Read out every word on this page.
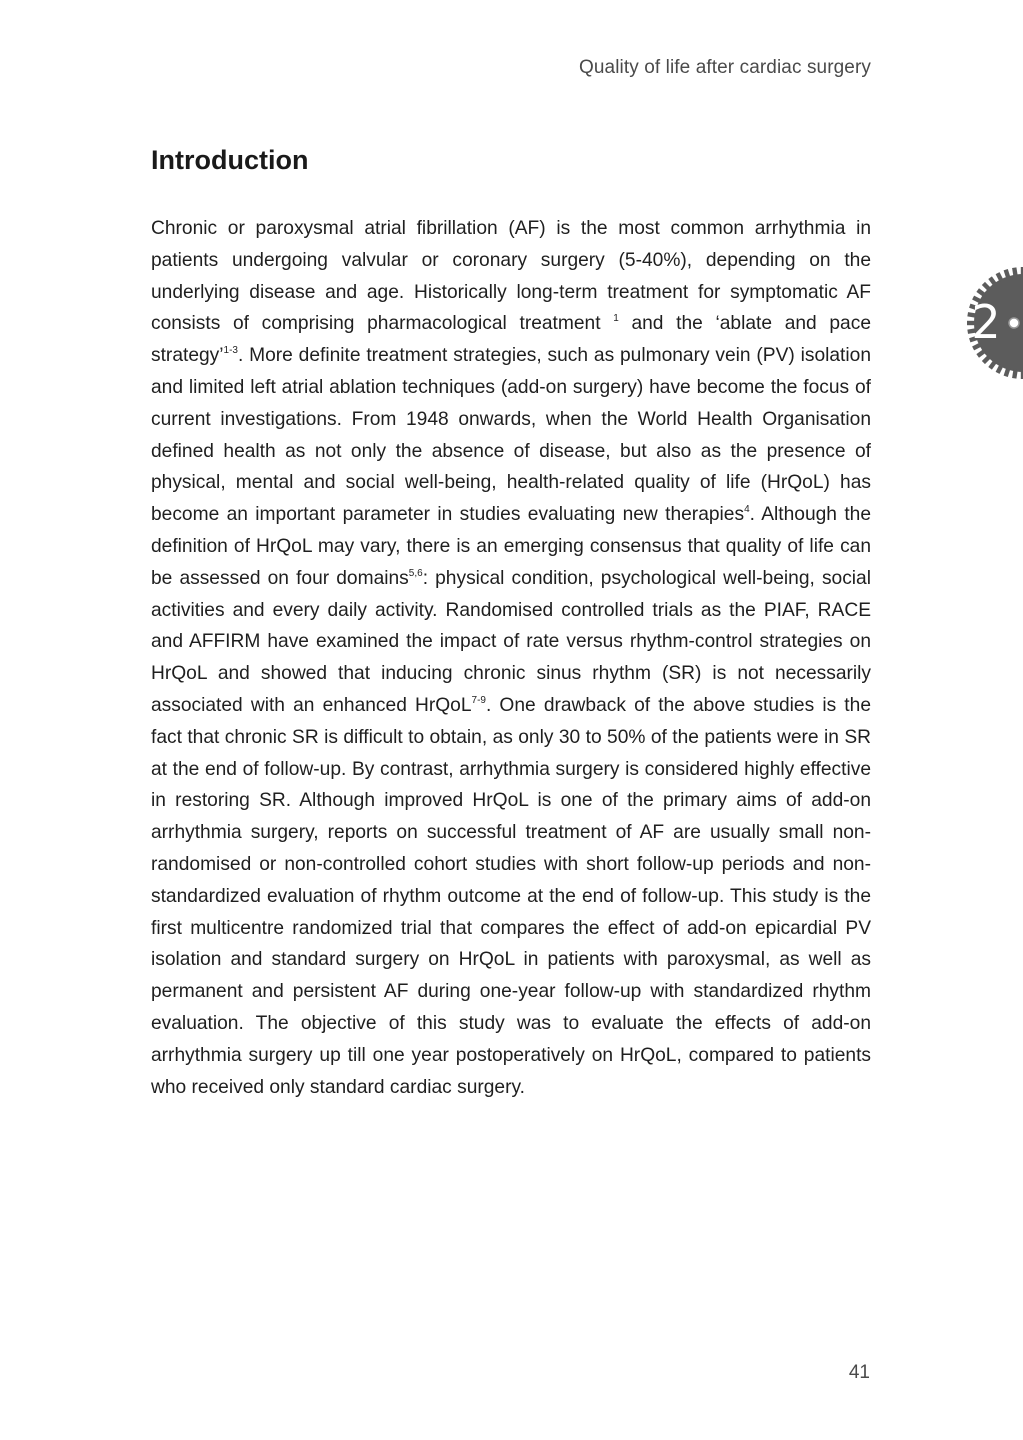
Quality of life after cardiac surgery
2
Introduction

Chronic or paroxysmal atrial fibrillation (AF) is the most common arrhythmia in patients undergoing valvular or coronary surgery (5-40%), depending on the underlying disease and age. Historically long-term treatment for symptomatic AF consists of comprising pharmacological treatment $^1$ and the ‘ablate and pace strategy’$^{1-3}$. More definite treatment strategies, such as pulmonary vein (PV) isolation and limited left atrial ablation techniques (add-on surgery) have become the focus of current investigations. From 1948 onwards, when the World Health Organisation defined health as not only the absence of disease, but also as the presence of physical, mental and social well-being, health-related quality of life (HrQoL) has become an important parameter in studies evaluating new therapies$^4$. Although the definition of HrQoL may vary, there is an emerging consensus that quality of life can be assessed on four domains$^{5,6}$: physical condition, psychological well-being, social activities and every daily activity. Randomised controlled trials as the PIAF, RACE and AFFIRM have examined the impact of rate versus rhythm-control strategies on HrQoL and showed that inducing chronic sinus rhythm (SR) is not necessarily associated with an enhanced HrQoL$^{7-9}$. One drawback of the above studies is the fact that chronic SR is difficult to obtain, as only 30 to 50% of the patients were in SR at the end of follow-up. By contrast, arrhythmia surgery is considered highly effective in restoring SR. Although improved HrQoL is one of the primary aims of add-on arrhythmia surgery, reports on successful treatment of AF are usually small non-randomised or non-controlled cohort studies with short follow-up periods and non-standardized evaluation of rhythm outcome at the end of follow-up. This study is the first multicentre randomized trial that compares the effect of add-on epicardial PV isolation and standard surgery on HrQoL in patients with paroxysmal, as well as permanent and persistent AF during one-year follow-up with standardized rhythm evaluation. The objective of this study was to evaluate the effects of add-on arrhythmia surgery up till one year postoperatively on HrQoL, compared to patients who received only standard cardiac surgery.

41
